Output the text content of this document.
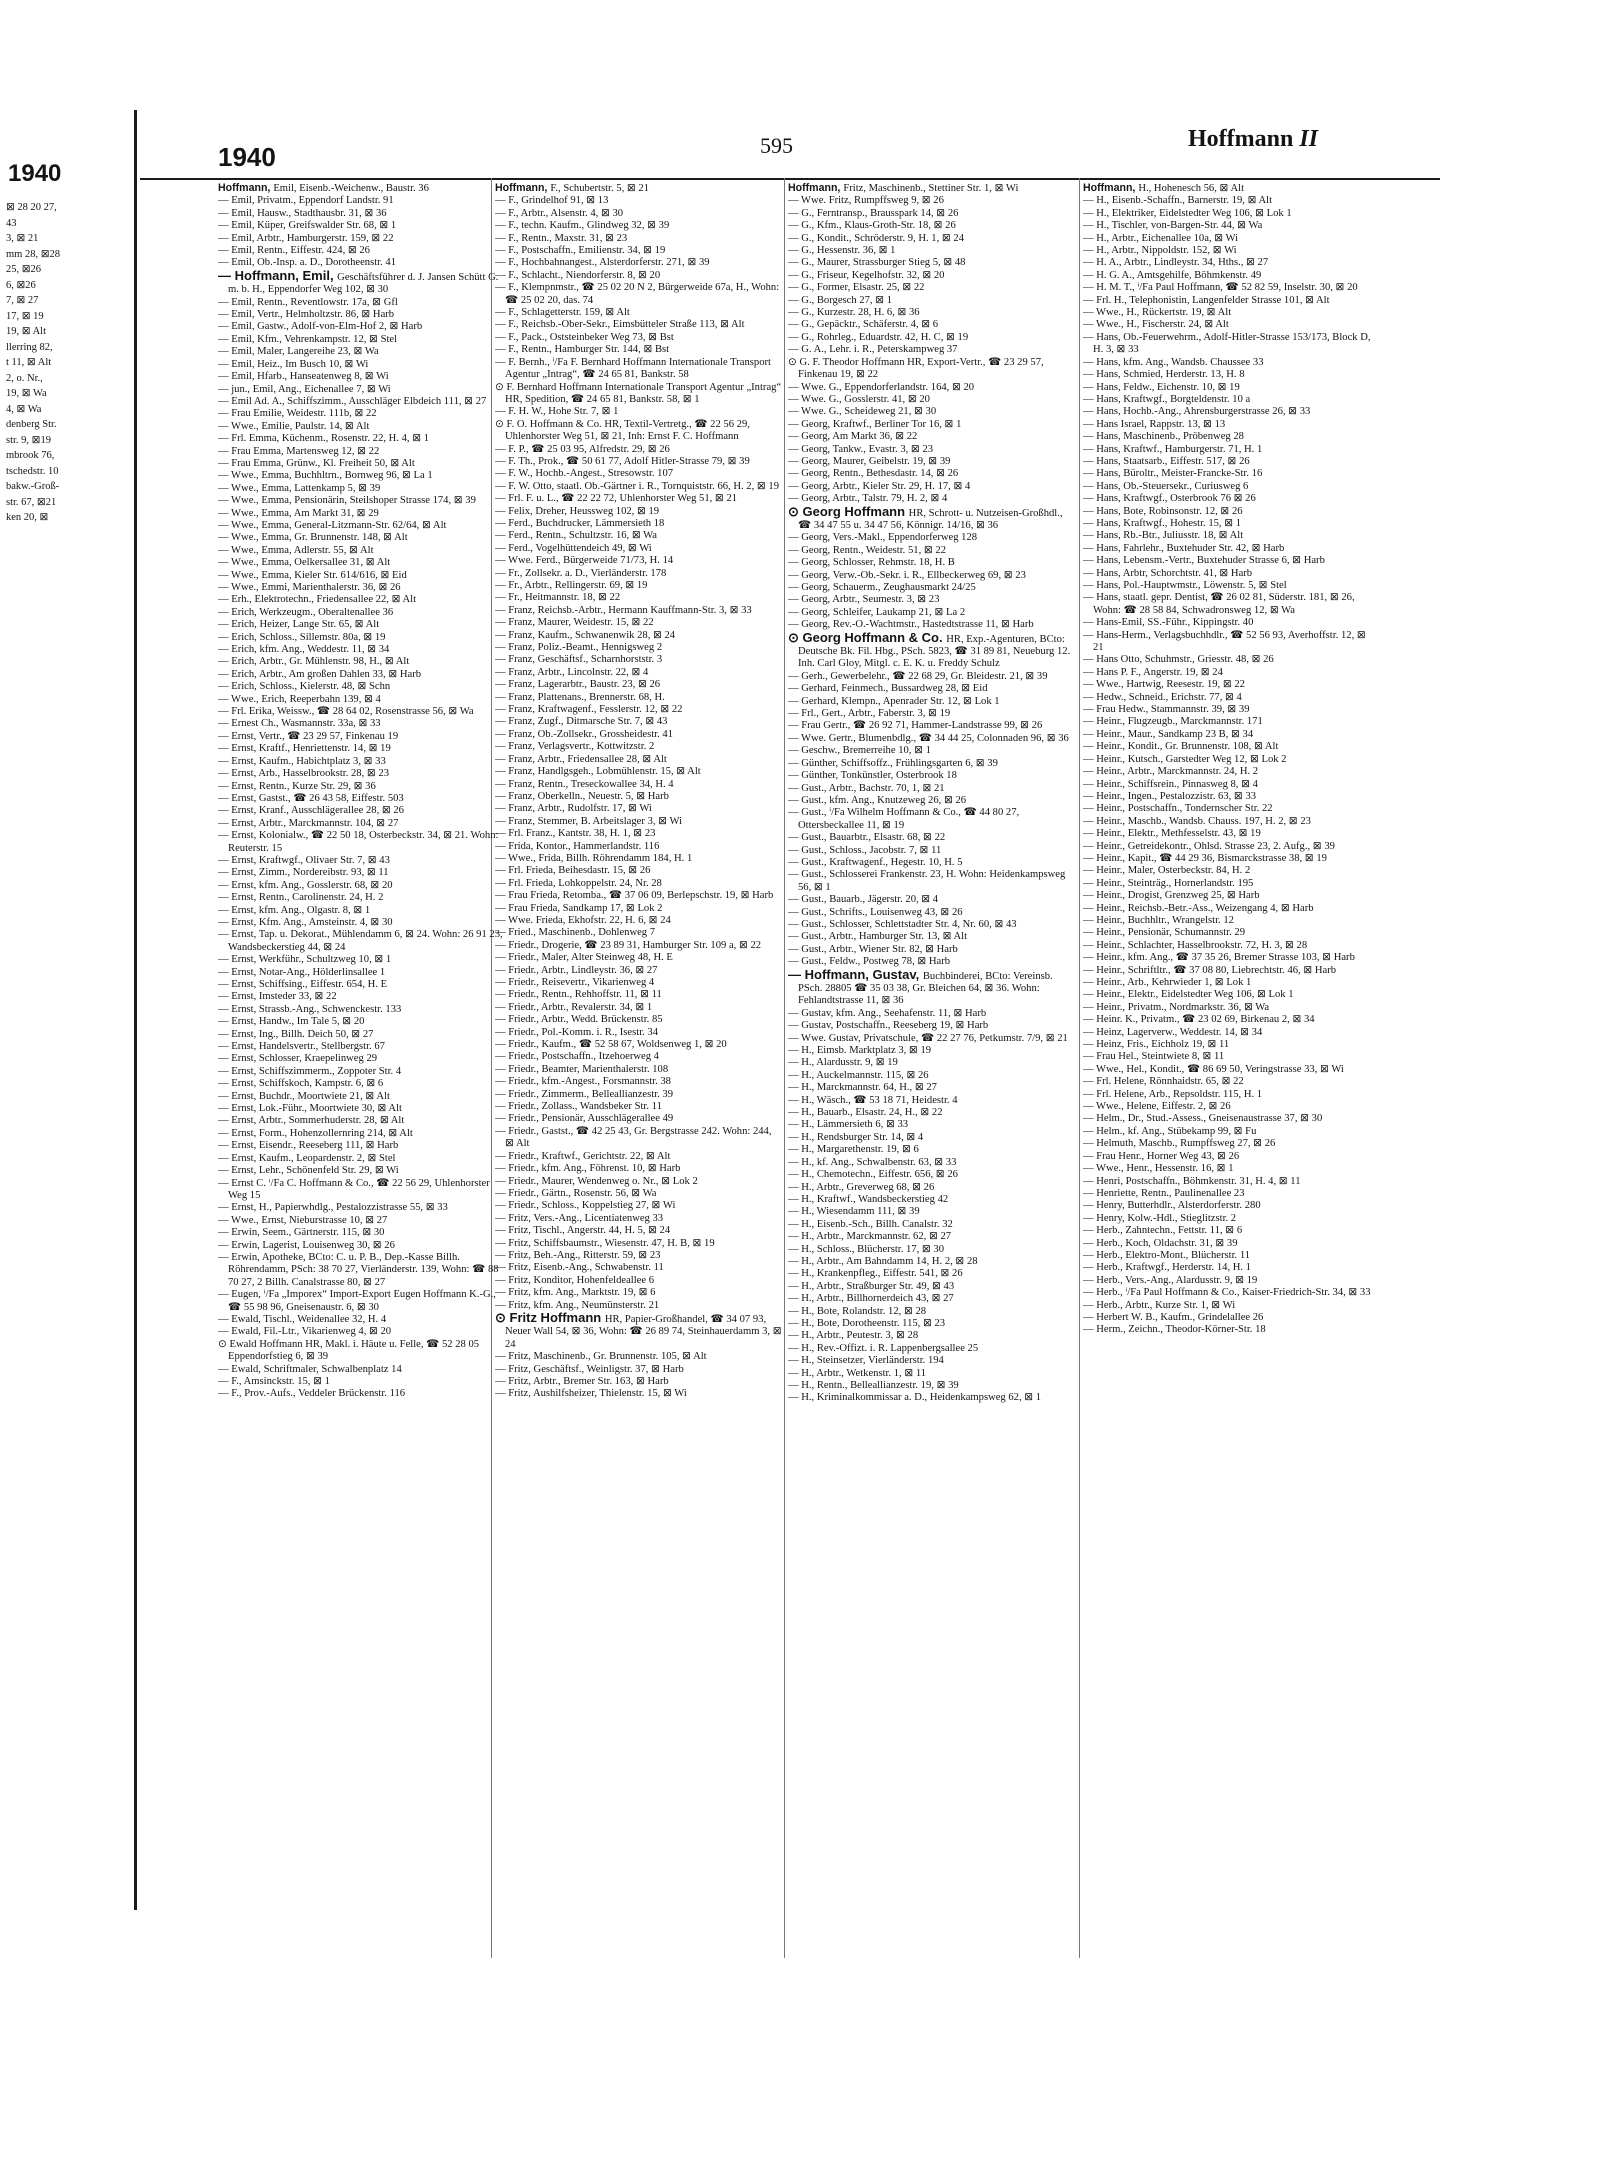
1940
⊠ 28 20 27,
43
3, ⊠ 21
mm 28, ⊠28
25, ⊠26
6, ⊠26
7, ⊠ 27
17, ⊠ 19
19, ⊠ Alt
llerring 82,
t 11, ⊠ Alt
2, o. Nr.,
19, ⊠ Wa
4, ⊠ Wa
denberg Str.
str. 9, ⊠19
mbrook 76,
tschedstr. 10
bakw.-Groß-
str. 67, ⊠21
ken 20, ⊠
1940	595	Hoffmann II

Hoffmann, Emil, Eisenb.-Weichenw., Baustr. 36

— Emil, Privatm., Eppendorf Landstr. 91

— Emil, Hausw., Stadthausbr. 31, ⊠ 36

— Emil, Küper, Greifswalder Str. 68, ⊠ 1

— Emil, Arbtr., Hamburgerstr. 159, ⊠ 22

— Emil, Rentn., Eiffestr. 424, ⊠ 26

— Emil, Ob.-Insp. a. D., Dorotheenstr. 41

— Hoffmann, Emil, Geschäftsführer d. J. Jansen Schütt G. m. b. H., Eppendorfer Weg 102, ⊠ 30

— Emil, Rentn., Reventlowstr. 17a, ⊠ Gfl

— Emil, Vertr., Helmholtzstr. 86, ⊠ Harb

— Emil, Gastw., Adolf-von-Elm-Hof 2, ⊠ Harb

— Emil, Kfm., Vehrenkampstr. 12, ⊠ Stel

— Emil, Maler, Langereihe 23, ⊠ Wa

— Emil, Heiz., Im Busch 10, ⊠ Wi

— Emil, Hfarb., Hanseatenweg 8, ⊠ Wi

— jun., Emil, Ang., Eichenallee 7, ⊠ Wi

— Emil Ad. A., Schiffszimm., Ausschläger Elbdeich 111, ⊠ 27

— Frau Emilie, Weidestr. 111b, ⊠ 22

— Wwe., Emilie, Paulstr. 14, ⊠ Alt

— Frl. Emma, Küchenm., Rosenstr. 22, H. 4, ⊠ 1

— Frau Emma, Martensweg 12, ⊠ 22

— Frau Emma, Grünw., Kl. Freiheit 50, ⊠ Alt

— Wwe., Emma, Buchhltrn., Bornweg 96, ⊠ La 1

— Wwe., Emma, Lattenkamp 5, ⊠ 39

— Wwe., Emma, Pensionärin, Steilshoper Strasse 174, ⊠ 39

— Wwe., Emma, Am Markt 31, ⊠ 29

— Wwe., Emma, General-Litzmann-Str. 62/64, ⊠ Alt

— Wwe., Emma, Gr. Brunnenstr. 148, ⊠ Alt

— Wwe., Emma, Adlerstr. 55, ⊠ Alt

— Wwe., Emma, Oelkersallee 31, ⊠ Alt

— Wwe., Emma, Kieler Str. 614/616, ⊠ Eid

— Wwe., Emmi, Marienthalerstr. 36, ⊠ 26

— Erh., Elektrotechn., Friedensallee 22, ⊠ Alt

— Erich, Werkzeugm., Oberaltenallee 36

— Erich, Heizer, Lange Str. 65, ⊠ Alt

— Erich, Schloss., Sillemstr. 80a, ⊠ 19

— Erich, kfm. Ang., Weddestr. 11, ⊠ 34

— Erich, Arbtr., Gr. Mühlenstr. 98, H., ⊠ Alt

— Erich, Arbtr., Am großen Dahlen 33, ⊠ Harb

— Erich, Schloss., Kielerstr. 48, ⊠ Schn

— Wwe., Erich, Reeperbahn 139, ⊠ 4

— Frl. Erika, Weissw., ☎ 28 64 02, Rosenstrasse 56, ⊠ Wa

— Ernest Ch., Wasmannstr. 33a, ⊠ 33

— Ernst, Vertr., ☎ 23 29 57, Finkenau 19

— Ernst, Kraftf., Henriettenstr. 14, ⊠ 19

— Ernst, Kaufm., Habichtplatz 3, ⊠ 33

— Ernst, Arb., Hasselbrookstr. 28, ⊠ 23

— Ernst, Rentn., Kurze Str. 29, ⊠ 36

— Ernst, Gastst., ☎ 26 43 58, Eiffestr. 503

— Ernst, Kranf., Ausschlägerallee 28, ⊠ 26

— Ernst, Arbtr., Marckmannstr. 104, ⊠ 27

— Ernst, Kolonialw., ☎ 22 50 18, Osterbeckstr. 34, ⊠ 21. Wohn: Reuterstr. 15

— Ernst, Kraftwgf., Olivaer Str. 7, ⊠ 43

— Ernst, Zimm., Nordereibstr. 93, ⊠ 11

— Ernst, kfm. Ang., Gosslerstr. 68, ⊠ 20

— Ernst, Rentn., Carolinenstr. 24, H. 2

— Ernst, kfm. Ang., Olgastr. 8, ⊠ 1

— Ernst, Kfm. Ang., Amsteinstr. 4, ⊠ 30

— Ernst, Tap. u. Dekorat., Mühlendamm 6, ⊠ 24. Wohn: 26 91 23, Wandsbeckerstieg 44, ⊠ 24

— Ernst, Werkführ., Schultzweg 10, ⊠ 1

— Ernst, Notar-Ang., Hölderlinsallee 1

— Ernst, Schiffsing., Eiffestr. 654, H. E

— Ernst, Imsteder 33, ⊠ 22

— Ernst, Strassb.-Ang., Schwenckestr. 133

— Ernst, Handw., Im Tale 5, ⊠ 20

— Ernst, Ing., Billh. Deich 50, ⊠ 27

— Ernst, Handelsvertr., Stellbergstr. 67

— Ernst, Schlosser, Kraepelinweg 29

— Ernst, Schiffszimmerm., Zoppoter Str. 4

— Ernst, Schiffskoch, Kampstr. 6, ⊠ 6

— Ernst, Buchdr., Moortwiete 21, ⊠ Alt

— Ernst, Lok.-Führ., Moortwiete 30, ⊠ Alt

— Ernst, Arbtr., Sommerhuderstr. 28, ⊠ Alt

— Ernst, Form., Hohenzollernring 214, ⊠ Alt

— Ernst, Eisendr., Reeseberg 111, ⊠ Harb

— Ernst, Kaufm., Leopardenstr. 2, ⊠ Stel

— Ernst, Lehr., Schönenfeld Str. 29, ⊠ Wi

— Ernst C. ⁱ/Fa C. Hoffmann & Co., ☎ 22 56 29, Uhlenhorster Weg 15

— Ernst, H., Papierwhdlg., Pestalozzistrasse 55, ⊠ 33

— Wwe., Ernst, Nieburstrasse 10, ⊠ 27

— Erwin, Seem., Gärtnerstr. 115, ⊠ 30

— Erwin, Lagerist, Louisenweg 30, ⊠ 26

— Erwin, Apotheke, BCto: C. u. P. B., Dep.-Kasse Billh. Röhrendamm, PSch: 38 70 27, Vierländerstr. 139, Wohn: ☎ 88 70 27, 2 Billh. Canalstrasse 80, ⊠ 27

— Eugen, ⁱ/Fa „Imporex“ Import-Export Eugen Hoffmann K.-G., ☎ 55 98 96, Gneisenaustr. 6, ⊠ 30

— Ewald, Tischl., Weidenallee 32, H. 4

— Ewald, Fil.-Ltr., Vikarienweg 4, ⊠ 20

⊙ Ewald Hoffmann HR, Makl. i. Häute u. Felle, ☎ 52 28 05 Eppendorfstieg 6, ⊠ 39

— Ewald, Schriftmaler, Schwalbenplatz 14

— F., Amsinckstr. 15, ⊠ 1

— F., Prov.-Aufs., Veddeler Brückenstr. 116

Hoffmann, F., Schubertstr. 5, ⊠ 21

— F., Grindelhof 91, ⊠ 13

— F., Arbtr., Alsenstr. 4, ⊠ 30

— F., techn. Kaufm., Glindweg 32, ⊠ 39

— F., Rentn., Maxstr. 31, ⊠ 23

— F., Postschaffn., Emilienstr. 34, ⊠ 19

— F., Hochbahnangest., Alsterdorferstr. 271, ⊠ 39

— F., Schlacht., Niendorferstr. 8, ⊠ 20

— F., Klempnmstr., ☎ 25 02 20 N 2, Bürgerweide 67a, H., Wohn: ☎ 25 02 20, das. 74

— F., Schlagetterstr. 159, ⊠ Alt

— F., Reichsb.-Ober-Sekr., Eimsbütteler Straße 113, ⊠ Alt

— F., Pack., Oststeinbeker Weg 73, ⊠ Bst

— F., Rentn., Hamburger Str. 144, ⊠ Bst

— F. Bernh., ⁱ/Fa F. Bernhard Hoffmann Internationale Transport Agentur „Intrag“, ☎ 24 65 81, Bankstr. 58

⊙ F. Bernhard Hoffmann Internationale Transport Agentur „Intrag“ HR, Spedition, ☎ 24 65 81, Bankstr. 58, ⊠ 1

— F. H. W., Hohe Str. 7, ⊠ 1

⊙ F. O. Hoffmann & Co. HR, Textil-Vertretg., ☎ 22 56 29, Uhlenhorster Weg 51, ⊠ 21, Inh: Ernst F. C. Hoffmann

— F. P., ☎ 25 03 95, Alfredstr. 29, ⊠ 26

— F. Th., Prok., ☎ 50 61 77, Adolf Hitler-Strasse 79, ⊠ 39

— F. W., Hochb.-Angest., Stresowstr. 107

— F. W. Otto, staatl. Ob.-Gärtner i. R., Tornquiststr. 66, H. 2, ⊠ 19

— Frl. F. u. L., ☎ 22 22 72, Uhlenhorster Weg 51, ⊠ 21

— Felix, Dreher, Heussweg 102, ⊠ 19

— Ferd., Buchdrucker, Lämmersieth 18

— Ferd., Rentn., Schultzstr. 16, ⊠ Wa

— Ferd., Vogelhüttendeich 49, ⊠ Wi

— Wwe. Ferd., Bürgerweide 71/73, H. 14

— Fr., Zollsekr. a. D., Vierländerstr. 178

— Fr., Arbtr., Rellingerstr. 69, ⊠ 19

— Fr., Heitmannstr. 18, ⊠ 22

— Franz, Reichsb.-Arbtr., Hermann Kauffmann-Str. 3, ⊠ 33

— Franz, Maurer, Weidestr. 15, ⊠ 22

— Franz, Kaufm., Schwanenwik 28, ⊠ 24

— Franz, Poliz.-Beamt., Hennigsweg 2

— Franz, Geschäftsf., Scharnhorststr. 3

— Franz, Arbtr., Lincolnstr. 22, ⊠ 4

— Franz, Lagerarbtr., Baustr. 23, ⊠ 26

— Franz, Plattenans., Brennerstr. 68, H.

— Franz, Kraftwagenf., Fesslerstr. 12, ⊠ 22

— Franz, Zugf., Ditmarsche Str. 7, ⊠ 43

— Franz, Ob.-Zollsekr., Grossheidestr. 41

— Franz, Verlagsvertr., Kottwitzstr. 2

— Franz, Arbtr., Friedensallee 28, ⊠ Alt

— Franz, Handlgsgeh., Lobmühlenstr. 15, ⊠ Alt

— Franz, Rentn., Treseckowallee 34, H. 4

— Franz, Oberkelln., Neuestr. 5, ⊠ Harb

— Franz, Arbtr., Rudolfstr. 17, ⊠ Wi

— Franz, Stemmer, B. Arbeitslager 3, ⊠ Wi

— Frl. Franz., Kantstr. 38, H. 1, ⊠ 23

— Frida, Kontor., Hammerlandstr. 116

— Wwe., Frida, Billh. Röhrendamm 184, H. 1

— Frl. Frieda, Beihesdastr. 15, ⊠ 26

— Frl. Frieda, Lohkoppelstr. 24, Nr. 28

— Frau Frieda, Retomba., ☎ 37 06 09, Berlepschstr. 19, ⊠ Harb

— Frau Frieda, Sandkamp 17, ⊠ Lok 2

— Wwe. Frieda, Ekhofstr. 22, H. 6, ⊠ 24

— Fried., Maschinenb., Dohlenweg 7

— Friedr., Drogerie, ☎ 23 89 31, Hamburger Str. 109 a, ⊠ 22

— Friedr., Maler, Alter Steinweg 48, H. E

— Friedr., Arbtr., Lindleystr. 36, ⊠ 27

— Friedr., Reisevertr., Vikarienweg 4

— Friedr., Rentn., Rehhoffstr. 11, ⊠ 11

— Friedr., Arbtr., Revalerstr. 34, ⊠ 1

— Friedr., Arbtr., Wedd. Brückenstr. 85

— Friedr., Pol.-Komm. i. R., Isestr. 34

— Friedr., Kaufm., ☎ 52 58 67, Woldsenweg 1, ⊠ 20

— Friedr., Postschaffn., Itzehoerweg 4

— Friedr., Beamter, Marienthalerstr. 108

— Friedr., kfm.-Angest., Forsmannstr. 38

— Friedr., Zimmerm., Belleallianzestr. 39

— Friedr., Zollass., Wandsbeker Str. 11

— Friedr., Pensionär, Ausschlägerallee 49

— Friedr., Gastst., ☎ 42 25 43, Gr. Bergstrasse 242. Wohn: 244, ⊠ Alt

— Friedr., Kraftwf., Gerichtstr. 22, ⊠ Alt

— Friedr., kfm. Ang., Föhrenst. 10, ⊠ Harb

— Friedr., Maurer, Wendenweg o. Nr., ⊠ Lok 2

— Friedr., Gärtn., Rosenstr. 56, ⊠ Wa

— Friedr., Schloss., Koppelstieg 27, ⊠ Wi

— Fritz, Vers.-Ang., Licentiatenweg 33

— Fritz, Tischl., Angerstr. 44, H. 5, ⊠ 24

— Fritz, Schiffsbaumstr., Wiesenstr. 47, H. B, ⊠ 19

— Fritz, Beh.-Ang., Ritterstr. 59, ⊠ 23

— Fritz, Eisenb.-Ang., Schwabenstr. 11

— Fritz, Konditor, Hohenfeldeallee 6

— Fritz, kfm. Ang., Marktstr. 19, ⊠ 6

— Fritz, kfm. Ang., Neumünsterstr. 21

⊙ Fritz Hoffmann HR, Papier-Großhandel, ☎ 34 07 93, Neuer Wall 54, ⊠ 36, Wohn: ☎ 26 89 74, Steinhauerdamm 3, ⊠ 24

— Fritz, Maschinenb., Gr. Brunnenstr. 105, ⊠ Alt

— Fritz, Geschäftsf., Weinligstr. 37, ⊠ Harb

— Fritz, Arbtr., Bremer Str. 163, ⊠ Harb

— Fritz, Aushilfsheizer, Thielenstr. 15, ⊠ Wi

Hoffmann, Fritz, Maschinenb., Stettiner Str. 1, ⊠ Wi

— Wwe. Fritz, Rumpffsweg 9, ⊠ 26

— G., Ferntransp., Brausspark 14, ⊠ 26

— G., Kfm., Klaus-Groth-Str. 18, ⊠ 26

— G., Kondit., Schröderstr. 9, H. 1, ⊠ 24

— G., Hessenstr. 36, ⊠ 1

— G., Maurer, Strassburger Stieg 5, ⊠ 48

— G., Friseur, Kegelhofstr. 32, ⊠ 20

— G., Former, Elsastr. 25, ⊠ 22

— G., Borgesch 27, ⊠ 1

— G., Kurzestr. 28, H. 6, ⊠ 36

— G., Gepäcktr., Schäferstr. 4, ⊠ 6

— G., Rohrleg., Eduardstr. 42, H. C, ⊠ 19

— G. A., Lehr. i. R., Peterskampweg 37

⊙ G. F. Theodor Hoffmann HR, Export-Vertr., ☎ 23 29 57, Finkenau 19, ⊠ 22

— Wwe. G., Eppendorferlandstr. 164, ⊠ 20

— Wwe. G., Gosslerstr. 41, ⊠ 20

— Wwe. G., Scheideweg 21, ⊠ 30

— Georg, Kraftwf., Berliner Tor 16, ⊠ 1

— Georg, Am Markt 36, ⊠ 22

— Georg, Tankw., Evastr. 3, ⊠ 23

— Georg, Maurer, Geibelstr. 19, ⊠ 39

— Georg, Rentn., Bethesdastr. 14, ⊠ 26

— Georg, Arbtr., Kieler Str. 29, H. 17, ⊠ 4

— Georg, Arbtr., Talstr. 79, H. 2, ⊠ 4

⊙ Georg Hoffmann HR, Schrott- u. Nutzeisen-Großhdl., ☎ 34 47 55 u. 34 47 56, Könnigr. 14/16, ⊠ 36

— Georg, Vers.-Makl., Eppendorferweg 128

— Georg, Rentn., Weidestr. 51, ⊠ 22

— Georg, Schlosser, Rehmstr. 18, H. B

— Georg, Verw.-Ob.-Sekr. i. R., Ellbeckerweg 69, ⊠ 23

— Georg, Schauerm., Zeughausmarkt 24/25

— Georg, Arbtr., Seumestr. 3, ⊠ 23

— Georg, Schleifer, Laukamp 21, ⊠ La 2

— Georg, Rev.-O.-Wachtmstr., Hastedtstrasse 11, ⊠ Harb

⊙ Georg Hoffmann & Co. HR, Exp.-Agenturen, BCto: Deutsche Bk. Fil. Hbg., PSch. 5823, ☎ 31 89 81, Neueburg 12. Inh. Carl Gloy, Mitgl. c. E. K. u. Freddy Schulz

— Gerh., Gewerbelehr., ☎ 22 68 29, Gr. Bleidestr. 21, ⊠ 39

— Gerhard, Feinmech., Bussardweg 28, ⊠ Eid

— Gerhard, Klempn., Apenrader Str. 12, ⊠ Lok 1

— Frl., Gert., Arbtr., Faberstr. 3, ⊠ 19

— Frau Gertr., ☎ 26 92 71, Hammer-Landstrasse 99, ⊠ 26

— Wwe. Gertr., Blumenbdlg., ☎ 34 44 25, Colonnaden 96, ⊠ 36

— Geschw., Bremerreihe 10, ⊠ 1

— Günther, Schiffsoffz., Frühlingsgarten 6, ⊠ 39

— Günther, Tonkünstler, Osterbrook 18

— Gust., Arbtr., Bachstr. 70, 1, ⊠ 21

— Gust., kfm. Ang., Knutzeweg 26, ⊠ 26

— Gust., ⁱ/Fa Wilhelm Hoffmann & Co., ☎ 44 80 27, Ottersbeckallee 11, ⊠ 19

— Gust., Bauarbtr., Elsastr. 68, ⊠ 22

— Gust., Schloss., Jacobstr. 7, ⊠ 11

— Gust., Kraftwagenf., Hegestr. 10, H. 5

— Gust., Schlosserei Frankenstr. 23, H. Wohn: Heidenkampsweg 56, ⊠ 1

— Gust., Bauarb., Jägerstr. 20, ⊠ 4

— Gust., Schrifts., Louisenweg 43, ⊠ 26

— Gust., Schlosser, Schlettstadter Str. 4, Nr. 60, ⊠ 43

— Gust., Arbtr., Hamburger Str. 13, ⊠ Alt

— Gust., Arbtr., Wiener Str. 82, ⊠ Harb

— Gust., Feldw., Postweg 78, ⊠ Harb

— Hoffmann, Gustav, Buchbinderei, BCto: Vereinsb. PSch. 28805 ☎ 35 03 38, Gr. Bleichen 64, ⊠ 36. Wohn: Fehlandtstrasse 11, ⊠ 36

— Gustav, kfm. Ang., Seehafenstr. 11, ⊠ Harb

— Gustav, Postschaffn., Reeseberg 19, ⊠ Harb

— Wwe. Gustav, Privatschule, ☎ 22 27 76, Petkumstr. 7/9, ⊠ 21

— H., Eimsb. Marktplatz 3, ⊠ 19

— H., Alardusstr. 9, ⊠ 19

— H., Auckelmannstr. 115, ⊠ 26

— H., Marckmannstr. 64, H., ⊠ 27

— H., Wäsch., ☎ 53 18 71, Heidestr. 4

— H., Bauarb., Elsastr. 24, H., ⊠ 22

— H., Lämmersieth 6, ⊠ 33

— H., Rendsburger Str. 14, ⊠ 4

— H., Margarethenstr. 19, ⊠ 6

— H., kf. Ang., Schwalbenstr. 63, ⊠ 33

— H., Chemotechn., Eiffestr. 656, ⊠ 26

— H., Arbtr., Greverweg 68, ⊠ 26

— H., Kraftwf., Wandsbeckerstieg 42

— H., Wiesendamm 111, ⊠ 39

— H., Eisenb.-Sch., Billh. Canalstr. 32

— H., Arbtr., Marckmannstr. 62, ⊠ 27

— H., Schloss., Blücherstr. 17, ⊠ 30

— H., Arbtr., Am Bahndamm 14, H. 2, ⊠ 28

— H., Krankenpfleg., Eiffestr. 541, ⊠ 26

— H., Arbtr., Straßburger Str. 49, ⊠ 43

— H., Arbtr., Billhornerdeich 43, ⊠ 27

— H., Bote, Rolandstr. 12, ⊠ 28

— H., Bote, Dorotheenstr. 115, ⊠ 23

— H., Arbtr., Peutestr. 3, ⊠ 28

— H., Rev.-Offizt. i. R. Lappenbergsallee 25

— H., Steinsetzer, Vierländerstr. 194

— H., Arbtr., Wetkenstr. 1, ⊠ 11

— H., Rentn., Belleallianzestr. 19, ⊠ 39

— H., Kriminalkommissar a. D., Heidenkampsweg 62, ⊠ 1

Hoffmann, H., Hohenesch 56, ⊠ Alt

— H., Eisenb.-Schaffn., Barnerstr. 19, ⊠ Alt

— H., Elektriker, Eidelstedter Weg 106, ⊠ Lok 1

— H., Tischler, von-Bargen-Str. 44, ⊠ Wa

— H., Arbtr., Eichenallee 10a, ⊠ Wi

— H., Arbtr., Nippoldstr. 152, ⊠ Wi

— H. A., Arbtr., Lindleystr. 34, Hths., ⊠ 27

— H. G. A., Amtsgehilfe, Böhmkenstr. 49

— H. M. T., ⁱ/Fa Paul Hoffmann, ☎ 52 82 59, Inselstr. 30, ⊠ 20

— Frl. H., Telephonistin, Langenfelder Strasse 101, ⊠ Alt

— Wwe., H., Rückertstr. 19, ⊠ Alt

— Wwe., H., Fischerstr. 24, ⊠ Alt

— Hans, Ob.-Feuerwehrm., Adolf-Hitler-Strasse 153/173, Block D, H. 3, ⊠ 33

— Hans, kfm. Ang., Wandsb. Chaussee 33

— Hans, Schmied, Herderstr. 13, H. 8

— Hans, Feldw., Eichenstr. 10, ⊠ 19

— Hans, Kraftwgf., Borgteldenstr. 10 a

— Hans, Hochb.-Ang., Ahrensburgerstrasse 26, ⊠ 33

— Hans Israel, Rappstr. 13, ⊠ 13

— Hans, Maschinenb., Pröbenweg 28

— Hans, Kraftwf., Hamburgerstr. 71, H. 1

— Hans, Staatsarb., Eiffestr. 517, ⊠ 26

— Hans, Büroltr., Meister-Francke-Str. 16

— Hans, Ob.-Steuersekr., Curiusweg 6

— Hans, Kraftwgf., Osterbrook 76 ⊠ 26

— Hans, Bote, Robinsonstr. 12, ⊠ 26

— Hans, Kraftwgf., Hohestr. 15, ⊠ 1

— Hans, Rb.-Btr., Juliusstr. 18, ⊠ Alt

— Hans, Fahrlehr., Buxtehuder Str. 42, ⊠ Harb

— Hans, Lebensm.-Vertr., Buxtehuder Strasse 6, ⊠ Harb

— Hans, Arbtr, Schorchtstr. 41, ⊠ Harb

— Hans, Pol.-Hauptwmstr., Löwenstr. 5, ⊠ Stel

— Hans, staatl. gepr. Dentist, ☎ 26 02 81, Süderstr. 181, ⊠ 26, Wohn: ☎ 28 58 84, Schwadronsweg 12, ⊠ Wa

— Hans-Emil, SS.-Führ., Kippingstr. 40

— Hans-Herm., Verlagsbuchhdlr., ☎ 52 56 93, Averhoffstr. 12, ⊠ 21

— Hans Otto, Schuhmstr., Griesstr. 48, ⊠ 26

— Hans P. F., Angerstr. 19, ⊠ 24

— Wwe., Hartwig, Reesestr. 19, ⊠ 22

— Hedw., Schneid., Erichstr. 77, ⊠ 4

— Frau Hedw., Stammannstr. 39, ⊠ 39

— Heinr., Flugzeugb., Marckmannstr. 171

— Heinr., Maur., Sandkamp 23 B, ⊠ 34

— Heinr., Kondit., Gr. Brunnenstr. 108, ⊠ Alt

— Heinr., Kutsch., Garstedter Weg 12, ⊠ Lok 2

— Heinr., Arbtr., Marckmannstr. 24, H. 2

— Heinr., Schiffsrein., Pinnasweg 8, ⊠ 4

— Heinr., Ingen., Pestalozzistr. 63, ⊠ 33

— Heinr., Postschaffn., Tondernscher Str. 22

— Heinr., Maschb., Wandsb. Chauss. 197, H. 2, ⊠ 23

— Heinr., Elektr., Methfesselstr. 43, ⊠ 19

— Heinr., Getreidekontr., Ohlsd. Strasse 23, 2. Aufg., ⊠ 39

— Heinr., Kapit., ☎ 44 29 36, Bismarckstrasse 38, ⊠ 19

— Heinr., Maler, Osterbeckstr. 84, H. 2

— Heinr., Steinträg., Hornerlandstr. 195

— Heinr., Drogist, Grenzweg 25, ⊠ Harb

— Heinr., Reichsb.-Betr.-Ass., Weizengang 4, ⊠ Harb

— Heinr., Buchhltr., Wrangelstr. 12

— Heinr., Pensionär, Schumannstr. 29

— Heinr., Schlachter, Hasselbrookstr. 72, H. 3, ⊠ 28

— Heinr., kfm. Ang., ☎ 37 35 26, Bremer Strasse 103, ⊠ Harb

— Heinr., Schriftltr., ☎ 37 08 80, Liebrechtstr. 46, ⊠ Harb

— Heinr., Arb., Kehrwieder 1, ⊠ Lok 1

— Heinr., Elektr., Eidelstedter Weg 106, ⊠ Lok 1

— Heinr., Privatm., Nordmarkstr. 36, ⊠ Wa

— Heinr. K., Privatm., ☎ 23 02 69, Birkenau 2, ⊠ 34

— Heinz, Lagerverw., Weddestr. 14, ⊠ 34

— Heinz, Fris., Eichholz 19, ⊠ 11

— Frau Hel., Steintwiete 8, ⊠ 11

— Wwe., Hel., Kondit., ☎ 86 69 50, Veringstrasse 33, ⊠ Wi

— Frl. Helene, Rönnhaidstr. 65, ⊠ 22

— Frl. Helene, Arb., Repsoldstr. 115, H. 1

— Wwe., Helene, Eiffestr. 2, ⊠ 26

— Helm., Dr., Stud.-Assess., Gneisenaustrasse 37, ⊠ 30

— Helm., kf. Ang., Stübekamp 99, ⊠ Fu

— Helmuth, Maschb., Rumpffsweg 27, ⊠ 26

— Frau Henr., Horner Weg 43, ⊠ 26

— Wwe., Henr., Hessenstr. 16, ⊠ 1

— Henri, Postschaffn., Böhmkenstr. 31, H. 4, ⊠ 11

— Henriette, Rentn., Paulinenallee 23

— Henry, Butterhdlr., Alsterdorferstr. 280

— Henry, Kolw.-Hdl., Stieglitzstr. 2

— Herb., Zahntechn., Fettstr. 11, ⊠ 6

— Herb., Koch, Oldachstr. 31, ⊠ 39

— Herb., Elektro-Mont., Blücherstr. 11

— Herb., Kraftwgf., Herderstr. 14, H. 1

— Herb., Vers.-Ang., Alardusstr. 9, ⊠ 19

— Herb., ⁱ/Fa Paul Hoffmann & Co., Kaiser-Friedrich-Str. 34, ⊠ 33

— Herb., Arbtr., Kurze Str. 1, ⊠ Wi

— Herbert W. B., Kaufm., Grindelallee 26

— Herm., Zeichn., Theodor-Körner-Str. 18
